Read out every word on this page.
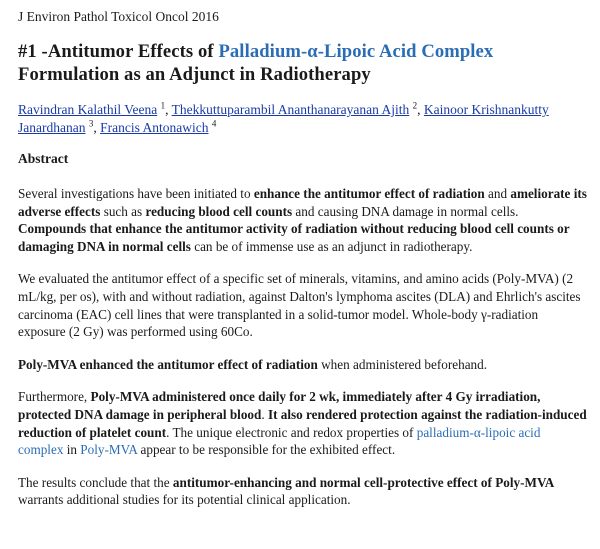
J Environ Pathol Toxicol Oncol 2016
#1 -Antitumor Effects of Palladium-α-Lipoic Acid Complex Formulation as an Adjunct in Radiotherapy
Ravindran Kalathil Veena $^1$, Thekkuttuparambil Ananthanarayanan Ajith $^2$, Kainoor Krishnankutty Janardhanan $^3$, Francis Antonawich $^4$
Abstract

Several investigations have been initiated to enhance the antitumor effect of radiation and ameliorate its adverse effects such as reducing blood cell counts and causing DNA damage in normal cells. Compounds that enhance the antitumor activity of radiation without reducing blood cell counts or damaging DNA in normal cells can be of immense use as an adjunct in radiotherapy.

We evaluated the antitumor effect of a specific set of minerals, vitamins, and amino acids (Poly-MVA) (2 mL/kg, per os), with and without radiation, against Dalton's lymphoma ascites (DLA) and Ehrlich's ascites carcinoma (EAC) cell lines that were transplanted in a solid-tumor model. Whole-body γ-radiation exposure (2 Gy) was performed using 60Co.

Poly-MVA enhanced the antitumor effect of radiation when administered beforehand.

Furthermore, Poly-MVA administered once daily for 2 wk, immediately after 4 Gy irradiation, protected DNA damage in peripheral blood. It also rendered protection against the radiation-induced reduction of platelet count. The unique electronic and redox properties of palladium-α-lipoic acid complex in Poly-MVA appear to be responsible for the exhibited effect.

The results conclude that the antitumor-enhancing and normal cell-protective effect of Poly-MVA warrants additional studies for its potential clinical application.
